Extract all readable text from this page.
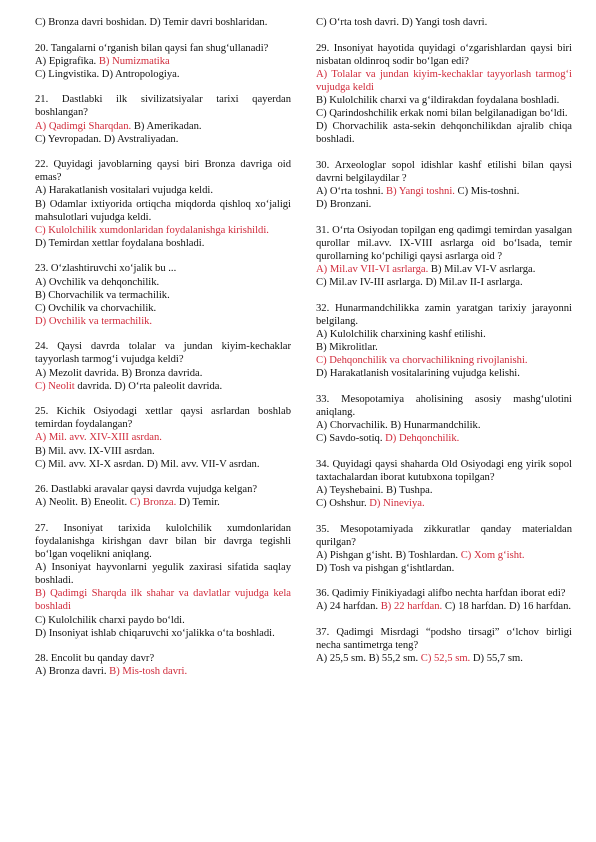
C) Bronza davri boshidan. D) Temir davri boshlaridan.
20. Tangalarni o‘rganish bilan qaysi fan shug‘ullanadi?
A) Epigrafika. B) Numizmatika
C) Lingvistika. D) Antropologiya.
21. Dastlabki ilk sivilizatsiyalar tarixi qayerdan boshlangan?
A) Qadimgi Sharqdan. B) Amerikadan.
C) Yevropadan. D) Avstraliyadan.
22. Quyidagi javoblarning qaysi biri Bronza davriga oid emas?
A) Harakatlanish vositalari vujudga keldi.
B) Odamlar ixtiyorida ortiqcha miqdorda qishloq xo‘jaligi mahsulotlari vujudga keldi.
C) Kulolchilik xumdonlaridan foydalanishga kirishildi.
D) Temirdan xettlar foydalana boshladi.
23. O‘zlashtiruvchi xo‘jalik bu ...
A) Ovchilik va dehqonchilik.
B) Chorvachilik va termachilik.
C) Ovchilik va chorvachilik.
D) Ovchilik va termachilik.
24. Qaysi davrda tolalar va jundan kiyim-kechaklar tayyorlash tarmog‘i vujudga keldi?
A) Mezolit davrida. B) Bronza davrida.
C) Neolit davrida. D) O‘rta paleolit davrida.
25. Kichik Osiyodagi xettlar qaysi asrlardan boshlab temirdan foydalangan?
A) Mil. avv. XIV-XIII asrdan.
B) Mil. avv. IX-VIII asrdan.
C) Mil. avv. XI-X asrdan. D) Mil. avv. VII-V asrdan.
26. Dastlabki aravalar qaysi davrda vujudga kelgan?
A) Neolit. B) Eneolit. C) Bronza. D) Temir.
27. Insoniyat tarixida kulolchilik xumdonlaridan foydalanishga kirishgan davr bilan bir davrga tegishli bo‘lgan voqelikni aniqlang.
A) Insoniyat hayvonlarni yegulik zaxirasi sifatida saqlay boshladi.
B) Qadimgi Sharqda ilk shahar va davlatlar vujudga kela boshladi
C) Kulolchilik charxi paydo bo‘ldi.
D) Insoniyat ishlab chiqaruvchi xo‘jalikka o‘ta boshladi.
28. Encolit bu qanday davr?
A) Bronza davri. B) Mis-tosh davri.
C) O‘rta tosh davri. D) Yangi tosh davri.
29. Insoniyat hayotida quyidagi o‘zgarishlardan qaysi biri nisbatan oldinroq sodir bo‘lgan edi?
A) Tolalar va jundan kiyim-kechaklar tayyorlash tarmog‘i vujudga keldi
B) Kulolchilik charxi va g‘ildirakdan foydalana boshladi.
C) Qarindoshchilik erkak nomi bilan belgilanadigan bo‘ldi.
D) Chorvachilik asta-sekin dehqonchilikdan ajralib chiqa boshladi.
30. Arxeologlar sopol idishlar kashf etilishi bilan qaysi davrni belgilaydilar ?
A) O‘rta toshni. B) Yangi toshni. C) Mis-toshni.
D) Bronzani.
31. O‘rta Osiyodan topilgan eng qadimgi temirdan yasalgan qurollar mil.avv. IX-VIII asrlarga oid bo‘lsada, temir qurollarning ko‘pchiligi qaysi asrlarga oid ?
A) Mil.av VII-VI asrlarga. B) Mil.av VI-V asrlarga.
C) Mil.av IV-III asrlarga. D) Mil.av II-I asrlarga.
32. Hunarmandchilikka zamin yaratgan tarixiy jarayonni belgilang.
A) Kulolchilik charxining kashf etilishi.
B) Mikrolitlar.
C) Dehqonchilik va chorvachilikning rivojlanishi.
D) Harakatlanish vositalarining vujudga kelishi.
33. Mesopotamiya aholisining asosiy mashg‘ulotini aniqlang.
A) Chorvachilik. B) Hunarmandchilik.
C) Savdo-sotiq. D) Dehqonchilik.
34. Quyidagi qaysi shaharda Old Osiyodagi eng yirik sopol taxtachalardan iborat kutubxona topilgan?
A) Teyshebaini. B) Tushpa.
C) Oshshur. D) Nineviya.
35. Mesopotamiyada zikkuratlar qanday materialdan qurilgan?
A) Pishgan g‘isht. B) Toshlardan. C) Xom g‘isht.
D) Tosh va pishgan g‘ishtlardan.
36. Qadimiy Finikiyadagi alifbo nechta harfdan iborat edi?
A) 24 harfdan. B) 22 harfdan. C) 18 harfdan. D) 16 harfdan.
37. Qadimgi Misrdagi “podsho tirsagi” o‘lchov birligi necha santimetrga teng?
A) 25,5 sm. B) 55,2 sm. C) 52,5 sm. D) 55,7 sm.
